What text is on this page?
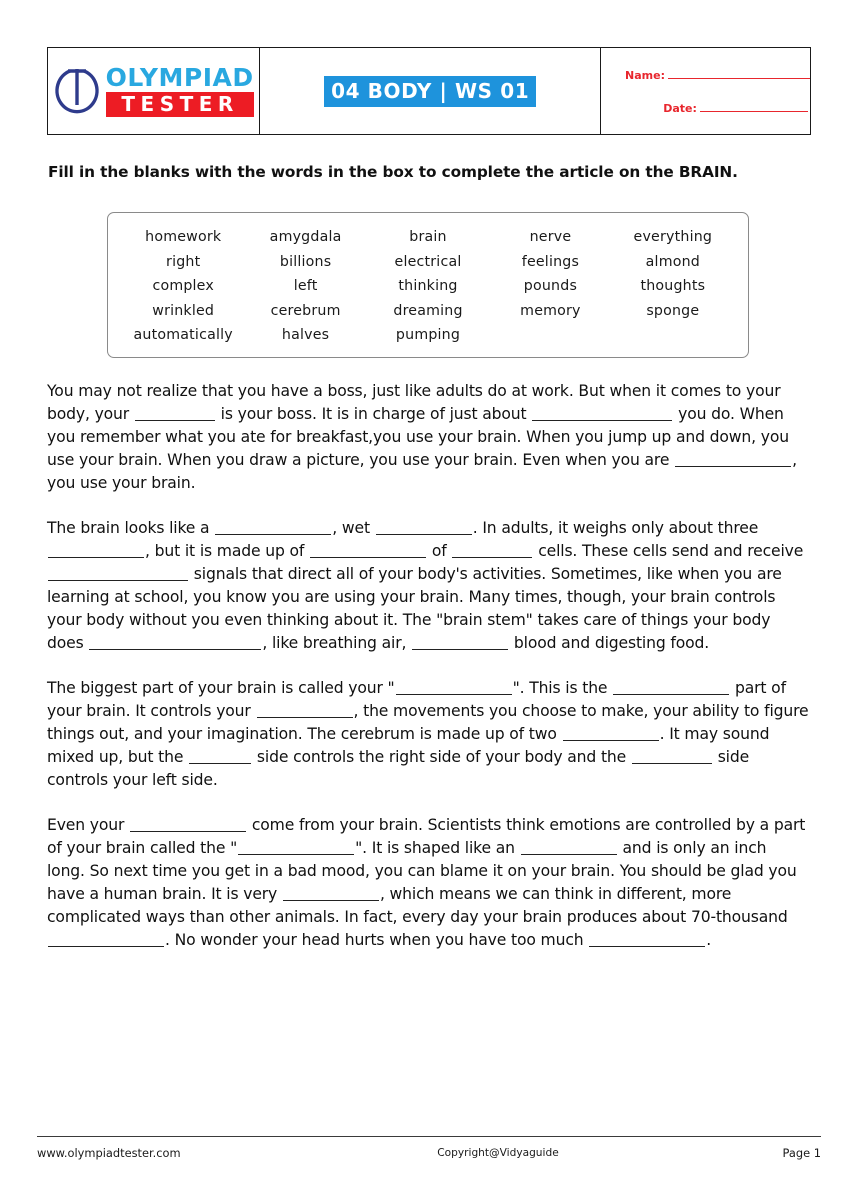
OLYMPIAD
TESTER
04 BODY | WS 01
Name:
Date:
Fill in the blanks with the words in the box to complete the article on the BRAIN.
homework	amygdala	brain	nerve	everything
right	billions	electrical	feelings	almond
complex	left	thinking	pounds	thoughts
wrinkled	cerebrum	dreaming	memory	sponge
automatically	halves	pumping

You may not realize that you have a boss, just like adults do at work. But when it comes to your body, your	is your boss. It is in charge of just about	you do. When you remember what you ate for breakfast,you use your brain. When you jump up and down, you use your brain. When you draw a picture, you use your brain. Even when you are	, you use your brain.

The brain looks like a	, wet	. In adults, it weighs only about three , but it is made up of	of	cells. These cells send and receive  signals that direct all of your body's activities. Sometimes, like when you are learning at school, you know you are using your brain. Many times, though, your brain controls your body without you even thinking about it. The "brain stem" takes care of things your body does	, like breathing air,	blood and digesting food.

The biggest part of your brain is called your "	". This is the	part of your brain. It controls your	, the movements you choose to make, your ability to figure things out, and your imagination. The cerebrum is made up of two	. It may sound mixed up, but the	side controls the right side of your body and the	side controls your left side.

Even your	come from your brain. Scientists think emotions are controlled by a part of your brain called the "	". It is shaped like an	and is only an inch long. So next time you get in a bad mood, you can blame it on your brain. You should be glad you have a human brain. It is very	, which means we can think in different, more complicated ways than other animals. In fact, every day your brain produces about 70-thousand . No wonder your head hurts when you have too much	.

www.olympiadtester.com	Copyright@Vidyaguide	Page 1
